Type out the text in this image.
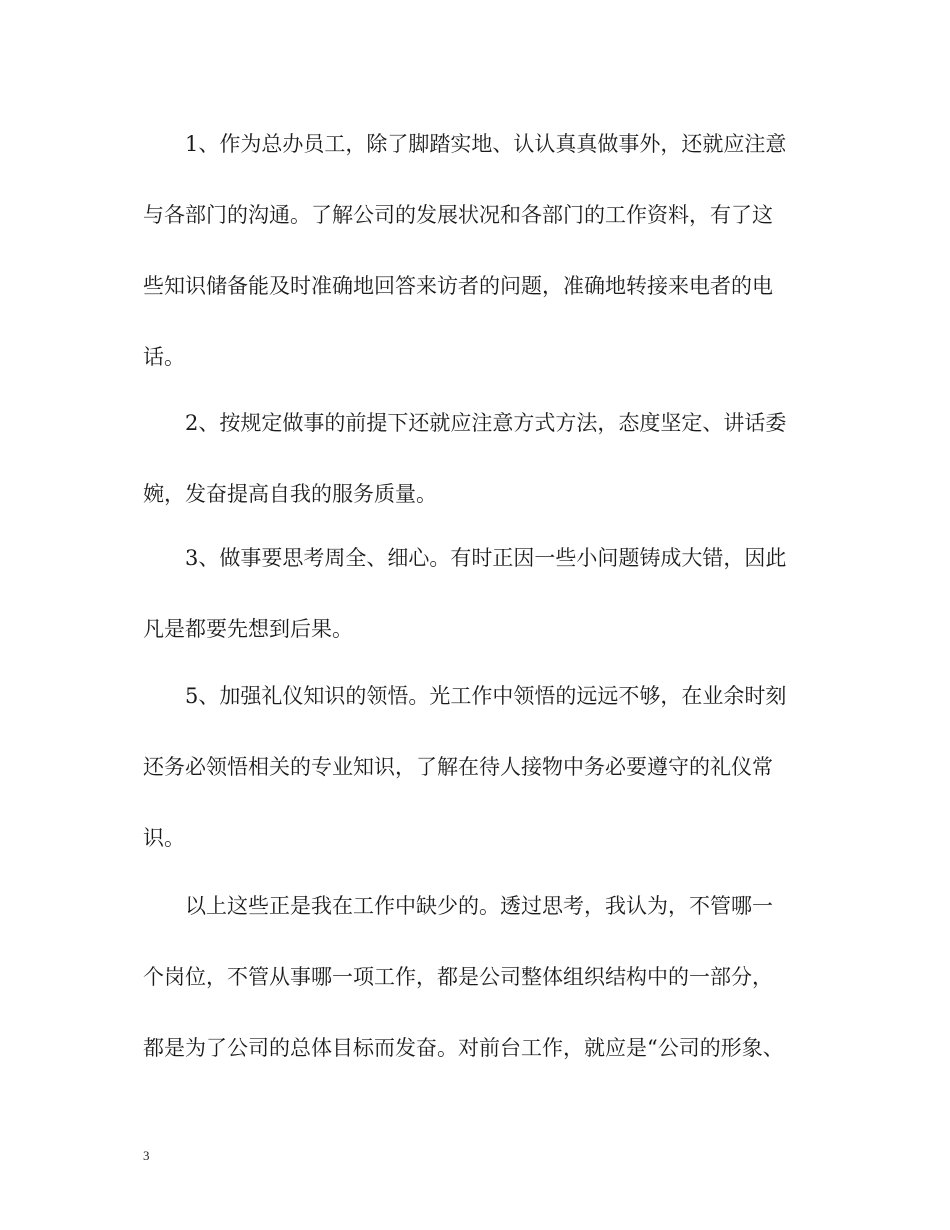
　　1、作为总办员工，除了脚踏实地、认认真真做事外，还就应注意
与各部门的沟通。了解公司的发展状况和各部门的工作资料，有了这
些知识储备能及时准确地回答来访者的问题，准确地转接来电者的电
话。
　　2、按规定做事的前提下还就应注意方式方法，态度坚定、讲话委
婉，发奋提高自我的服务质量。
　　3、做事要思考周全、细心。有时正因一些小问题铸成大错，因此
凡是都要先想到后果。
　　5、加强礼仪知识的领悟。光工作中领悟的远远不够，在业余时刻
还务必领悟相关的专业知识，了解在待人接物中务必要遵守的礼仪常
识。
　　以上这些正是我在工作中缺少的。透过思考，我认为，不管哪一
个岗位，不管从事哪一项工作，都是公司整体组织结构中的一部分，
都是为了公司的总体目标而发奋。对前台工作，就应是“公司的形象、
3
